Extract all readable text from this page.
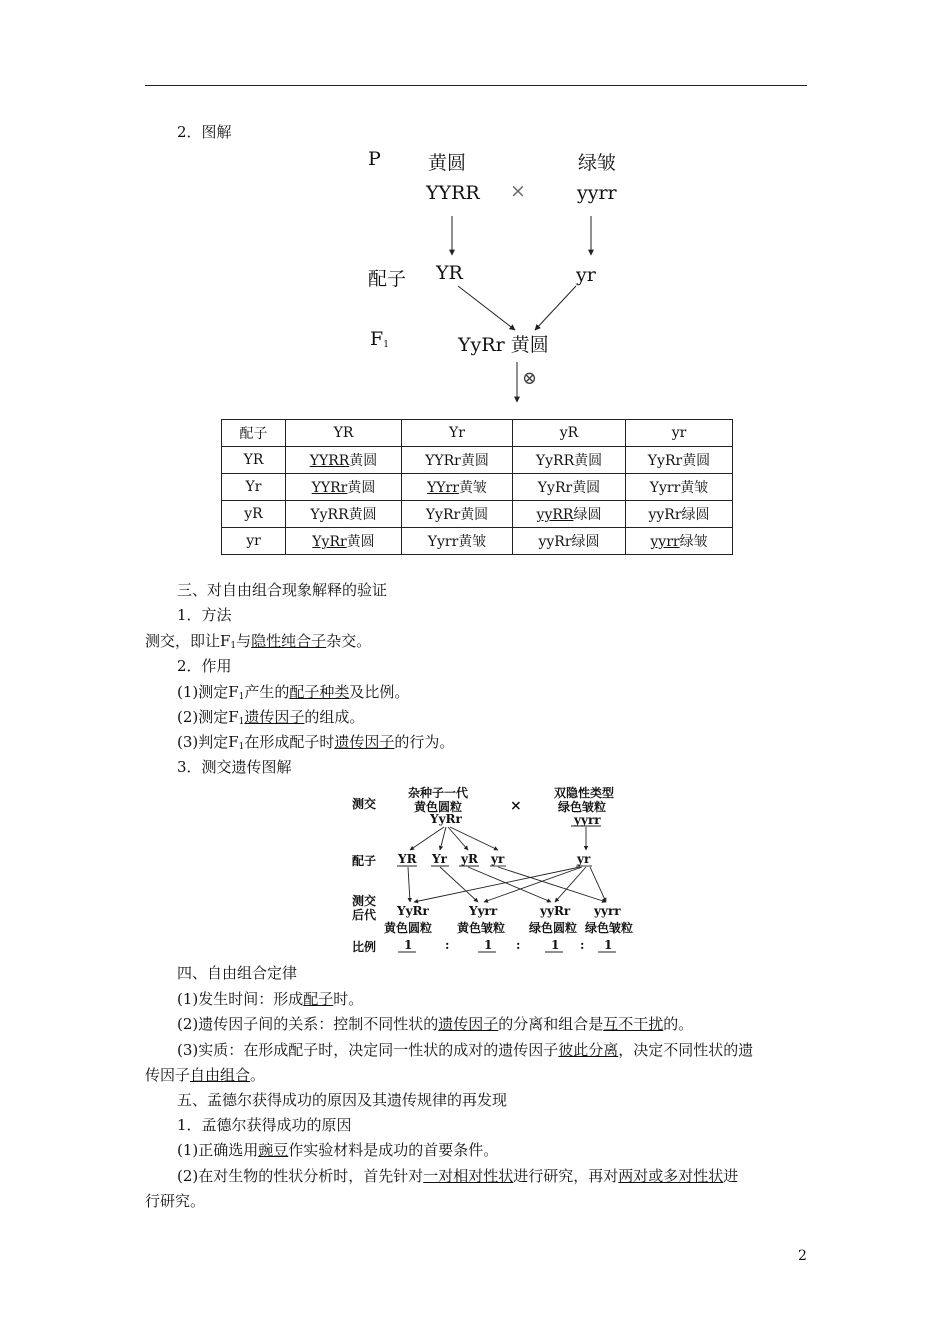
2．图解
P 黄圆	绿皱
YYRR ×	yyrr
配子 YR	yr
$F_1$	YyRr 黄圆
⊗
配子	YR	Yr	yR	yr
YR	YYRR黄圆	YYRr黄圆	YyRR黄圆	YyRr黄圆
Yr	YYRr黄圆	YYrr黄皱	YyRr黄圆	Yyrr黄皱
yR	YyRR黄圆	YyRr黄圆	yyRR绿圆	yyRr绿圆
yr	YyRr黄圆	Yyrr黄皱	yyRr绿圆	yyrr绿皱
三、对自由组合现象解释的验证
1．方法
测交，即让$F_1$与隐性纯合子杂交。
2．作用
(1)测定$F_1$产生的配子种类及比例。
(2)测定$F_1$遗传因子的组成。
(3)判定$F_1$在形成配子时遗传因子的行为。
3．测交遗传图解
测交
杂种子一代
黄色圆粒
YyRr
×
双隐性类型
绿色皱粒
yyrr
配子 YR Yr yR yr	yr
测交
后代 YyRr	Yyrr	yyRr yyrr
黄色圆粒 黄色皱粒 绿色圆粒 绿色皱粒
比例 1	:	1 :	1 : 1
四、自由组合定律
(1)发生时间：形成配子时。
(2)遗传因子间的关系：控制不同性状的遗传因子的分离和组合是互不干扰的。
(3)实质：在形成配子时，决定同一性状的成对的遗传因子彼此分离，决定不同性状的遗
传因子自由组合。
五、孟德尔获得成功的原因及其遗传规律的再发现
1．孟德尔获得成功的原因
(1)正确选用豌豆作实验材料是成功的首要条件。
(2)在对生物的性状分析时，首先针对一对相对性状进行研究，再对两对或多对性状进
行研究。
2
